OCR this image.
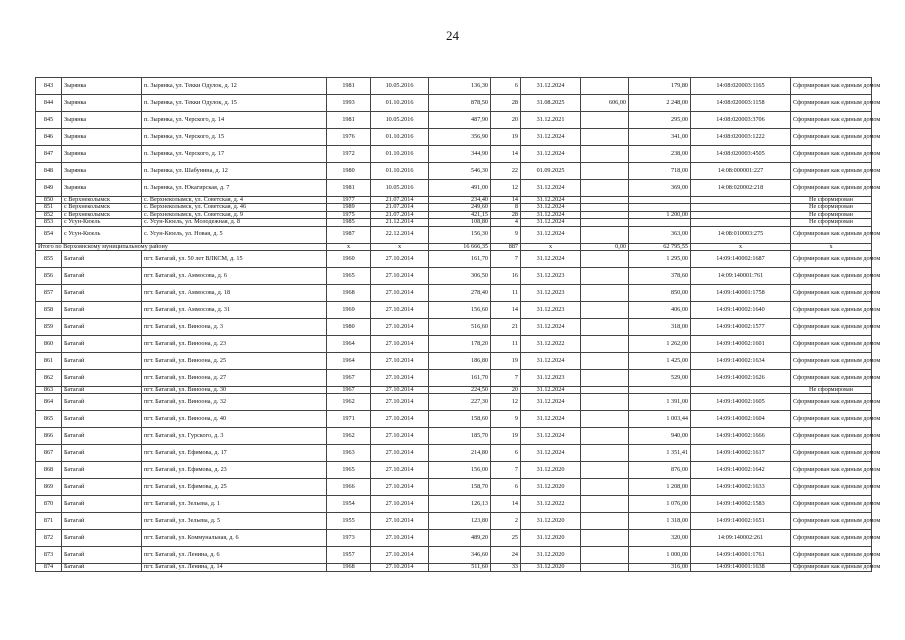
24
843	Зырянка	п. Зырянка, ул. Текки Одулок, д. 12	1981	10.05.2016	136,30	6	31.12.2024		179,80	14:08:020003:1165	Сформирован как единым домом
844	Зырянка	п. Зырянка, ул. Текки Одулок, д. 15	1993	01.10.2016	878,50	28	31.08.2025	606,00	2 248,00	14:08:020003:1158	Сформирован как единым домом
845	Зырянка	п. Зырянка, ул. Черского, д. 14	1981	10.05.2016	487,90	20	31.12.2021		295,00	14:08:020003:3706	Сформирован как единым домом
846	Зырянка	п. Зырянка, ул. Черского, д. 15	1976	01.10.2016	356,90	19	31.12.2024		341,00	14:08:020003:1222	Сформирован как единым домом
847	Зырянка	п. Зырянка, ул. Черского, д. 17	1972	01.10.2016	344,90	14	31.12.2024		238,00	14:08:020003:4505	Сформирован как единым домом
848	Зырянка	п. Зырянка, ул. Шабунина, д. 12	1980	01.10.2016	546,30	22	01.09.2025		718,00	14:08:000001:227	Сформирован как единым домом
849	Зырянка	п. Зырянка, ул. Юкагирская, д. 7	1981	10.05.2016	491,00	12	31.12.2024		369,00	14:08:020002:218	Сформирован как единым домом
850	с Верхнеколымск	с. Верхнеколымск, ул. Советская, д. 4	1977	21.07.2014	234,40	14	31.12.2024				Не сформирован
851	с Верхнеколымск	с. Верхнеколымск, ул. Советская, д. 46	1989	21.07.2014	249,60	8	31.12.2024				Не сформирован
852	с Верхнеколымск	с. Верхнеколымск, ул. Советская, д. 9	1975	21.07.2014	421,15	28	31.12.2024		1 200,00		Не сформирован
853	с Усун-Кюель	с. Усун-Кюель, ул. Молодежная, д. 8	1985	21.12.2014	108,80	4	31.12.2024				Не сформирован
854	с Усун-Кюель	с. Усун-Кюель, ул. Новая, д. 5	1987	22.12.2014	156,30	9	31.12.2024		363,00	14:08:010003:275	Сформирован как единым домом
Итого по Верхоянскому муниципальному району			x	x	16 666,35	887	x	0,00	62 795,55	x	x
855	Батагай	пгт. Батагай, ул. 50 лет ВЛКСМ, д. 15	1960	27.10.2014	161,70	7	31.12.2024		1 295,00	14:09:140002:1687	Сформирован как единым домом
856	Батагай	пгт. Батагай, ул. Аммосова, д. 6	1965	27.10.2014	306,50	16	31.12.2023		378,60	14:09:140001:761	Сформирован как единым домом
857	Батагай	пгт. Батагай, ул. Аммосова, д. 18	1968	27.10.2014	278,40	11	31.12.2023		850,00	14:09:140001:1758	Сформирован как единым домом
858	Батагай	пгт. Батагай, ул. Аммосова, д. 31	1969	27.10.2014	156,60	14	31.12.2023		406,00	14:09:140002:1640	Сформирован как единым домом
859	Батагай	пгт. Батагай, ул. Виноона, д. 3	1980	27.10.2014	516,60	21	31.12.2024		318,00	14:09:140002:1577	Сформирован как единым домом
860	Батагай	пгт. Батагай, ул. Виноона, д. 23	1964	27.10.2014	178,20	11	31.12.2022		1 262,00	14:09:140002:1601	Сформирован как единым домом
861	Батагай	пгт. Батагай, ул. Виноона, д. 25	1964	27.10.2014	186,80	19	31.12.2024		1 425,00	14:09:140002:1634	Сформирован как единым домом
862	Батагай	пгт. Батагай, ул. Виноона, д. 27	1967	27.10.2014	161,70	7	31.12.2023		529,00	14:09:140002:1626	Сформирован как единым домом
863	Батагай	пгт. Батагай, ул. Виноона, д. 30	1967	27.10.2014	224,50	20	31.12.2024				Не сформирован
864	Батагай	пгт. Батагай, ул. Виноона, д. 32	1962	27.10.2014	227,30	12	31.12.2024		1 391,00	14:09:140002:1605	Сформирован как единым домом
865	Батагай	пгт. Батагай, ул. Виноона, д. 40	1971	27.10.2014	158,60	9	31.12.2024		1 003,44	14:09:140002:1604	Сформирован как единым домом
866	Батагай	пгт. Батагай, ул. Гурского, д. 3	1962	27.10.2014	185,70	19	31.12.2024		940,00	14:09:140002:1666	Сформирован как единым домом
867	Батагай	пгт. Батагай, ул. Ефимова, д. 17	1963	27.10.2014	214,80	6	31.12.2024		1 351,41	14:09:140002:1617	Сформирован как единым домом
868	Батагай	пгт. Батагай, ул. Ефимова, д. 23	1965	27.10.2014	156,00	7	31.12.2020		876,00	14:09:140002:1642	Сформирован как единым домом
869	Батагай	пгт. Батагай, ул. Ефимова, д. 25	1966	27.10.2014	158,70	6	31.12.2020		1 208,00	14:09:140002:1633	Сформирован как единым домом
870	Батагай	пгт. Батагай, ул. Зельева, д. 1	1954	27.10.2014	126,13	14	31.12.2022		1 076,00	14:09:140002:1583	Сформирован как единым домом
871	Батагай	пгт. Батагай, ул. Зельева, д. 5	1955	27.10.2014	123,80	2	31.12.2020		1 318,00	14:09:140002:1651	Сформирован как единым домом
872	Батагай	пгт. Батагай, ул. Коммунальная, д. 6	1973	27.10.2014	489,20	25	31.12.2020		320,00	14:09:140002:261	Сформирован как единым домом
873	Батагай	пгт. Батагай, ул. Ленина, д. 6	1957	27.10.2014	346,60	24	31.12.2020		1 000,00	14:09:140001:1761	Сформирован как единым домом
874	Батагай	пгт. Батагай, ул. Ленина, д. 14	1968	27.10.2014	511,60	33	31.12.2020		316,00	14:09:140001:1638	Сформирован как единым домом
